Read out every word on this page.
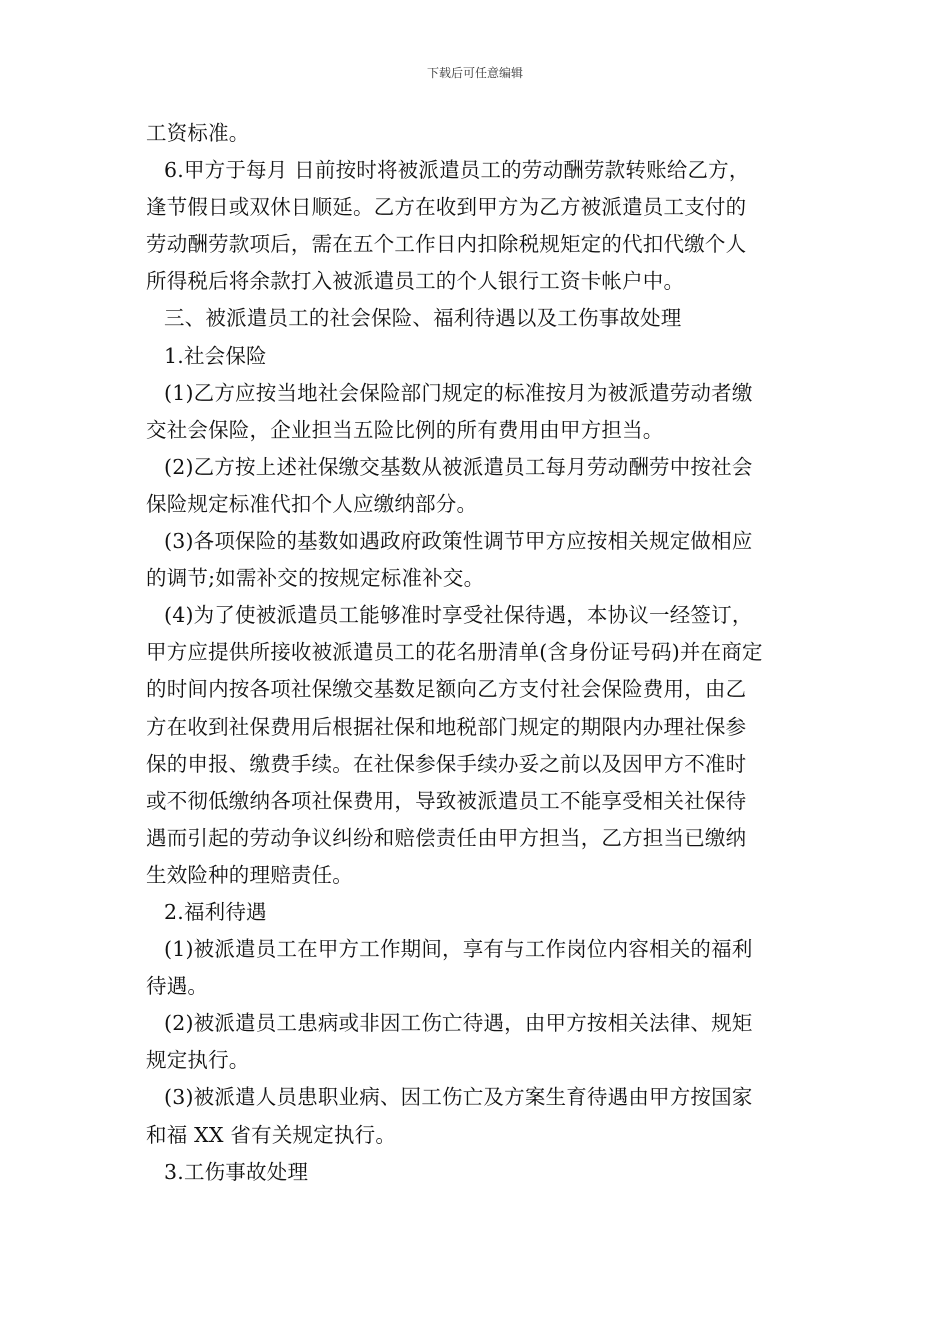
下载后可任意编辑

工资标准。

6.甲方于每月 日前按时将被派遣员工的劳动酬劳款转账给乙方，

逢节假日或双休日顺延。乙方在收到甲方为乙方被派遣员工支付的

劳动酬劳款项后，需在五个工作日内扣除税规矩定的代扣代缴个人

所得税后将余款打入被派遣员工的个人银行工资卡帐户中。

三、被派遣员工的社会保险、福利待遇以及工伤事故处理

1.社会保险

(1)乙方应按当地社会保险部门规定的标准按月为被派遣劳动者缴

交社会保险，企业担当五险比例的所有费用由甲方担当。

(2)乙方按上述社保缴交基数从被派遣员工每月劳动酬劳中按社会

保险规定标准代扣个人应缴纳部分。

(3)各项保险的基数如遇政府政策性调节甲方应按相关规定做相应

的调节;如需补交的按规定标准补交。

(4)为了使被派遣员工能够准时享受社保待遇，本协议一经签订，

甲方应提供所接收被派遣员工的花名册清单(含身份证号码)并在商定

的时间内按各项社保缴交基数足额向乙方支付社会保险费用，由乙

方在收到社保费用后根据社保和地税部门规定的期限内办理社保参

保的申报、缴费手续。在社保参保手续办妥之前以及因甲方不准时

或不彻低缴纳各项社保费用，导致被派遣员工不能享受相关社保待

遇而引起的劳动争议纠纷和赔偿责任由甲方担当，乙方担当已缴纳

生效险种的理赔责任。

2.福利待遇

(1)被派遣员工在甲方工作期间，享有与工作岗位内容相关的福利

待遇。

(2)被派遣员工患病或非因工伤亡待遇，由甲方按相关法律、规矩

规定执行。

(3)被派遣人员患职业病、因工伤亡及方案生育待遇由甲方按国家

和福 XX 省有关规定执行。

3.工伤事故处理
